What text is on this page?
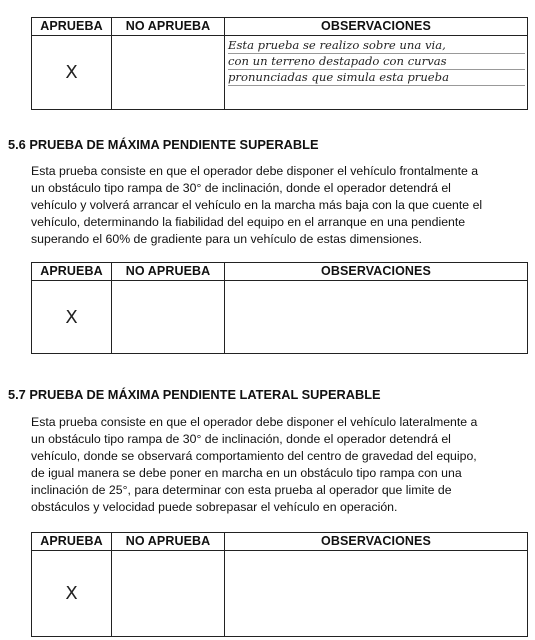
APRUEBA	NO APRUEBA	OBSERVACIONES
X		Esta prueba se realizo sobre una via,
con un terreno destapado con curvas
pronunciadas que simula esta prueba
5.6 PRUEBA DE MÁXIMA PENDIENTE SUPERABLE

Esta prueba consiste en que el operador debe disponer el vehículo frontalmente a
un obstáculo tipo rampa de 30° de inclinación, donde el operador detendrá el
vehículo y volverá arrancar el vehículo en la marcha más baja con la que cuente el
vehículo, determinando la fiabilidad del equipo en el arranque en una pendiente
superando el 60% de gradiente para un vehículo de estas dimensiones.

APRUEBA	NO APRUEBA	OBSERVACIONES
X		
5.7 PRUEBA DE MÁXIMA PENDIENTE LATERAL SUPERABLE

Esta prueba consiste en que el operador debe disponer el vehículo lateralmente a
un obstáculo tipo rampa de 30° de inclinación, donde el operador detendrá el
vehículo, donde se observará comportamiento del centro de gravedad del equipo,
de igual manera se debe poner en marcha en un obstáculo tipo rampa con una
inclinación de 25°, para determinar con esta prueba al operador que limite de
obstáculos y velocidad puede sobrepasar el vehículo en operación.

APRUEBA	NO APRUEBA	OBSERVACIONES
X		
